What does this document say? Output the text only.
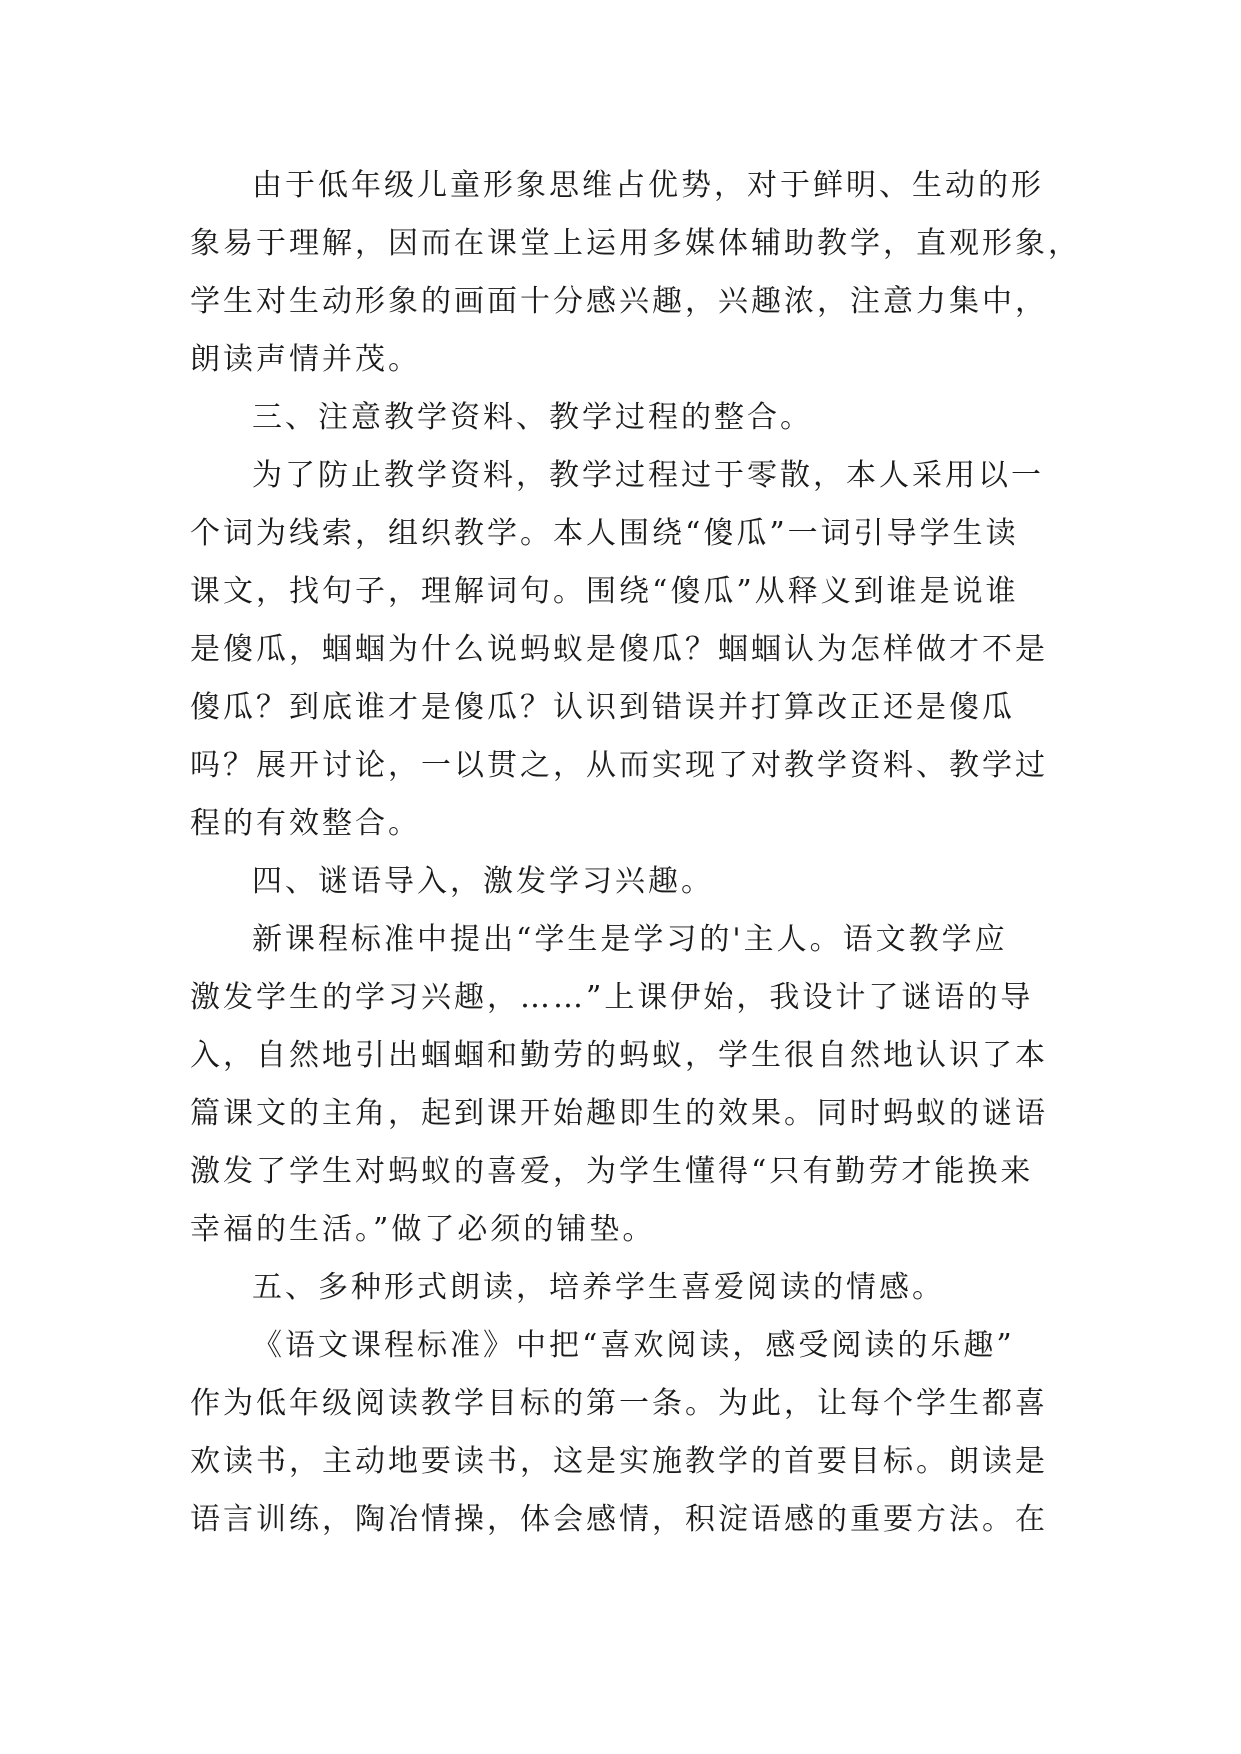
由于低年级儿童形象思维占优势，对于鲜明、生动的形
象易于理解，因而在课堂上运用多媒体辅助教学，直观形象，
学生对生动形象的画面十分感兴趣，兴趣浓，注意力集中，
朗读声情并茂。
三、注意教学资料、教学过程的整合。
为了防止教学资料，教学过程过于零散，本人采用以一
个词为线索，组织教学。本人围绕“傻瓜”一词引导学生读
课文，找句子，理解词句。围绕“傻瓜”从释义到谁是说谁
是傻瓜，蝈蝈为什么说蚂蚁是傻瓜？蝈蝈认为怎样做才不是
傻瓜？到底谁才是傻瓜？认识到错误并打算改正还是傻瓜
吗？展开讨论，一以贯之，从而实现了对教学资料、教学过
程的有效整合。
四、谜语导入，激发学习兴趣。
新课程标准中提出“学生是学习的'主人。语文教学应
激发学生的学习兴趣，……”上课伊始，我设计了谜语的导
入，自然地引出蝈蝈和勤劳的蚂蚁，学生很自然地认识了本
篇课文的主角，起到课开始趣即生的效果。同时蚂蚁的谜语
激发了学生对蚂蚁的喜爱，为学生懂得“只有勤劳才能换来
幸福的生活。”做了必须的铺垫。
五、多种形式朗读，培养学生喜爱阅读的情感。
《语文课程标准》中把“喜欢阅读，感受阅读的乐趣”
作为低年级阅读教学目标的第一条。为此，让每个学生都喜
欢读书，主动地要读书，这是实施教学的首要目标。朗读是
语言训练，陶冶情操，体会感情，积淀语感的重要方法。在
